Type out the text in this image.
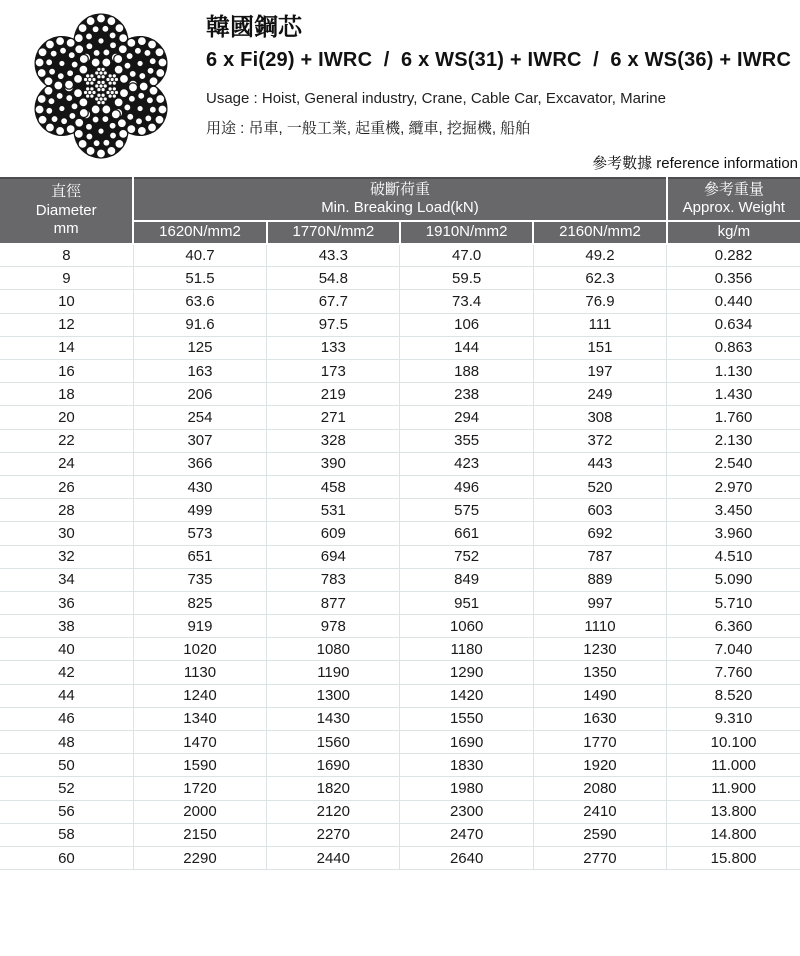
韓國鋼芯
6 x Fi(29) + IWRC  /  6 x WS(31) + IWRC  /  6 x WS(36) + IWRC
Usage : Hoist, General industry, Crane, Cable Car, Excavator, Marine
用途 : 吊車, 一般工業, 起重機, 纜車, 挖掘機, 船舶
參考數據 reference information
直徑
Diameter
mm

破斷荷重
Min. Breaking Load(kN)

參考重量
Approx. Weight

	1620N/mm2	1770N/mm2	1910N/mm2	2160N/mm2	kg/m
8	40.7	43.3	47.0	49.2	0.282
9	51.5	54.8	59.5	62.3	0.356
10	63.6	67.7	73.4	76.9	0.440
12	91.6	97.5	106	111	0.634
14	125	133	144	151	0.863
16	163	173	188	197	1.130
18	206	219	238	249	1.430
20	254	271	294	308	1.760
22	307	328	355	372	2.130
24	366	390	423	443	2.540
26	430	458	496	520	2.970
28	499	531	575	603	3.450
30	573	609	661	692	3.960
32	651	694	752	787	4.510
34	735	783	849	889	5.090
36	825	877	951	997	5.710
38	919	978	1060	1110	6.360
40	1020	1080	1180	1230	7.040
42	1130	1190	1290	1350	7.760
44	1240	1300	1420	1490	8.520
46	1340	1430	1550	1630	9.310
48	1470	1560	1690	1770	10.100
50	1590	1690	1830	1920	11.000
52	1720	1820	1980	2080	11.900
56	2000	2120	2300	2410	13.800
58	2150	2270	2470	2590	14.800
60	2290	2440	2640	2770	15.800
